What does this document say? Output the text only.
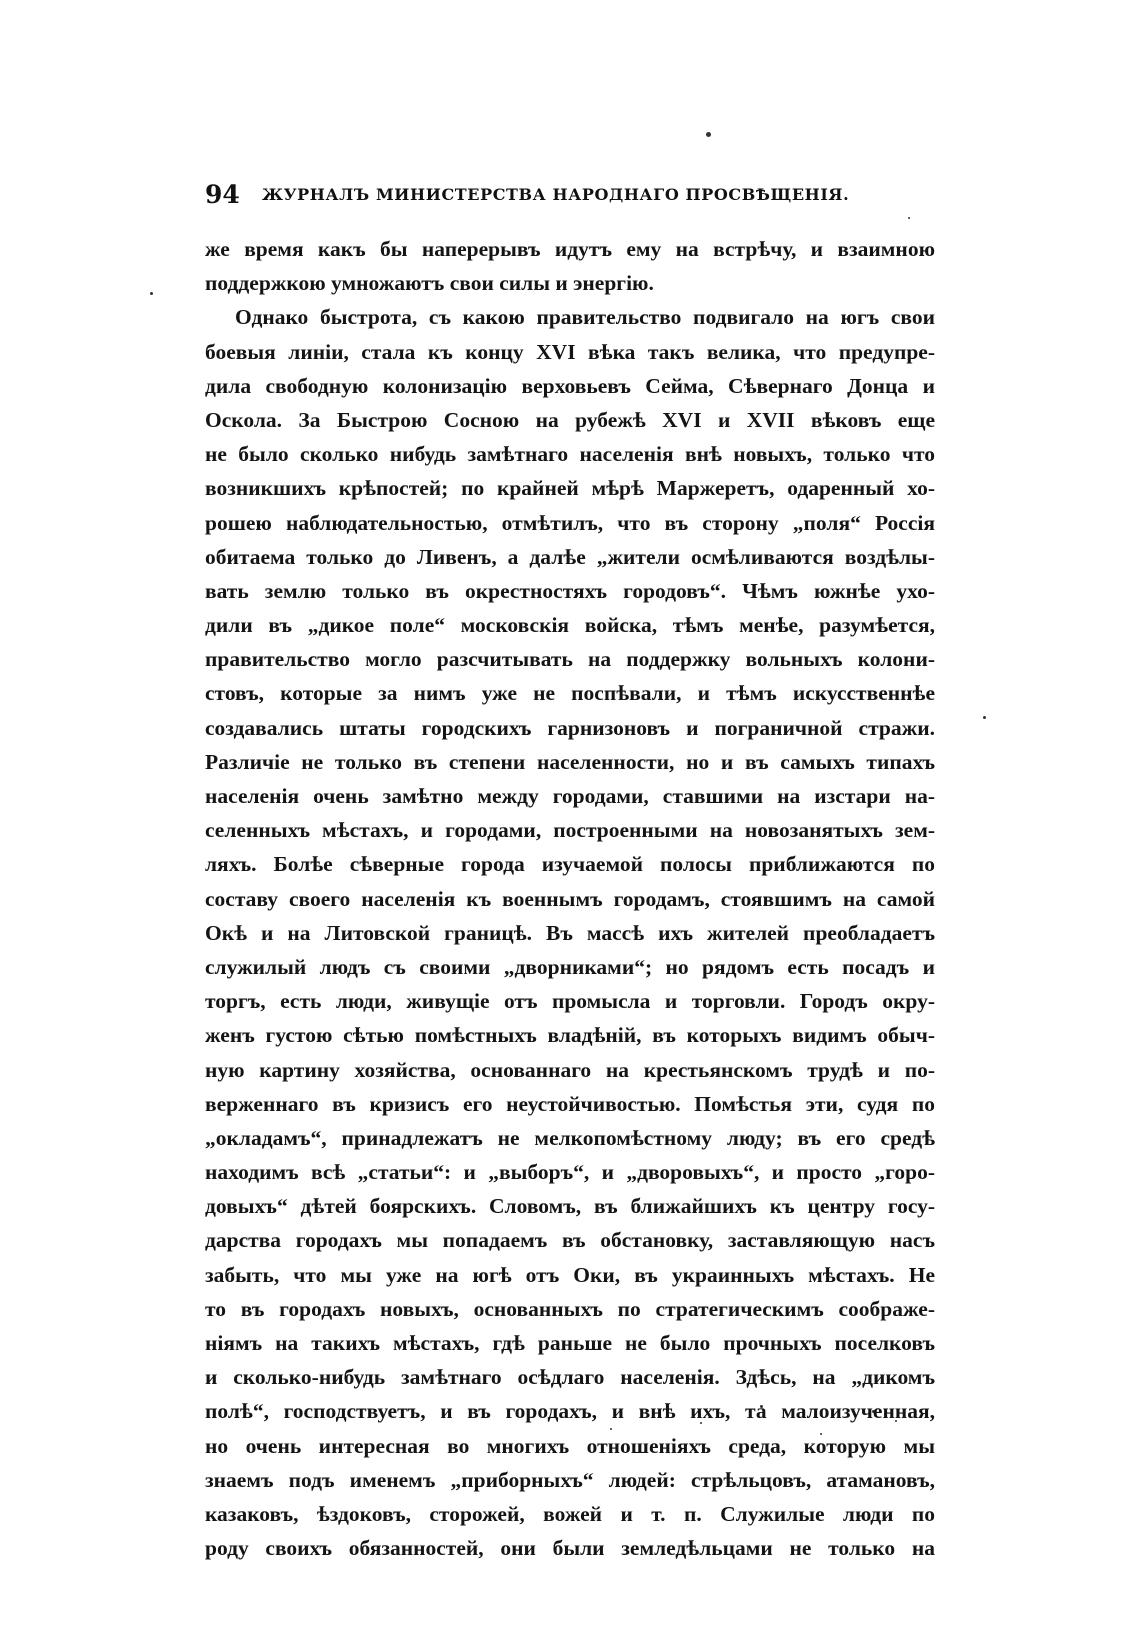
94 ЖУРНАЛЪ МИНИСТЕРСТВА НАРОДНАГО ПРОСВѢЩЕНІЯ.
же время какъ бы наперерывъ идутъ ему на встрѣчу, и взаимною
поддержкою умножаютъ свои силы и энергію.
Однако быстрота, съ какою правительство подвигало на югъ свои
боевыя линіи, стала къ концу XVI вѣка такъ велика, что предупре-
дила свободную колонизацію верховьевъ Сейма, Сѣвернаго Донца и
Оскола. За Быстрою Сосною на рубежѣ XVI и XVII вѣковъ еще
не было сколько нибудь замѣтнаго населенія внѣ новыхъ, только что
возникшихъ крѣпостей; по крайней мѣрѣ Маржеретъ, одаренный хо-
рошею наблюдательностью, отмѣтилъ, что въ сторону „поля“ Россія
обитаема только до Ливенъ, а далѣе „жители осмѣливаются воздѣлы-
вать землю только въ окрестностяхъ городовъ“. Чѣмъ южнѣе ухо-
дили въ „дикое поле“ московскія войска, тѣмъ менѣе, разумѣется,
правительство могло разсчитывать на поддержку вольныхъ колони-
стовъ, которые за нимъ уже не поспѣвали, и тѣмъ искусственнѣе
создавались штаты городскихъ гарнизоновъ и пограничной стражи.
Различіе не только въ степени населенности, но и въ самыхъ типахъ
населенія очень замѣтно между городами, ставшими на изстари на-
селенныхъ мѣстахъ, и городами, построенными на новозанятыхъ зем-
ляхъ. Болѣе сѣверные города изучаемой полосы приближаются по
составу своего населенія къ военнымъ городамъ, стоявшимъ на самой
Окѣ и на Литовской границѣ. Въ массѣ ихъ жителей преобладаетъ
служилый людъ съ своими „дворниками“; но рядомъ есть посадъ и
торгъ, есть люди, живущіе отъ промысла и торговли. Городъ окру-
женъ густою сѣтью помѣстныхъ владѣній, въ которыхъ видимъ обыч-
ную картину хозяйства, основаннаго на крестьянскомъ трудѣ и по-
верженнаго въ кризисъ его неустойчивостью. Помѣстья эти, судя по
„окладамъ“, принадлежатъ не мелкопомѣстному люду; въ его средѣ
находимъ всѣ „статьи“: и „выборъ“, и „дворовыхъ“, и просто „горо-
довыхъ“ дѣтей боярскихъ. Словомъ, въ ближайшихъ къ центру госу-
дарства городахъ мы попадаемъ въ обстановку, заставляющую насъ
забыть, что мы уже на югѣ отъ Оки, въ украинныхъ мѣстахъ. Не
то въ городахъ новыхъ, основанныхъ по стратегическимъ соображе-
ніямъ на такихъ мѣстахъ, гдѣ раньше не было прочныхъ поселковъ
и сколько-нибудь замѣтнаго осѣдлаго населенія. Здѣсь, на „дикомъ
полѣ“, господствуетъ, и въ городахъ, и внѣ ихъ, та малоизученная,
но очень интересная во многихъ отношеніяхъ среда, которую мы
знаемъ подъ именемъ „приборныхъ“ людей: стрѣльцовъ, атамановъ,
казаковъ, ѣздоковъ, сторожей, вожей и т. п. Служилые люди по
роду своихъ обязанностей, они были земледѣльцами не только на
